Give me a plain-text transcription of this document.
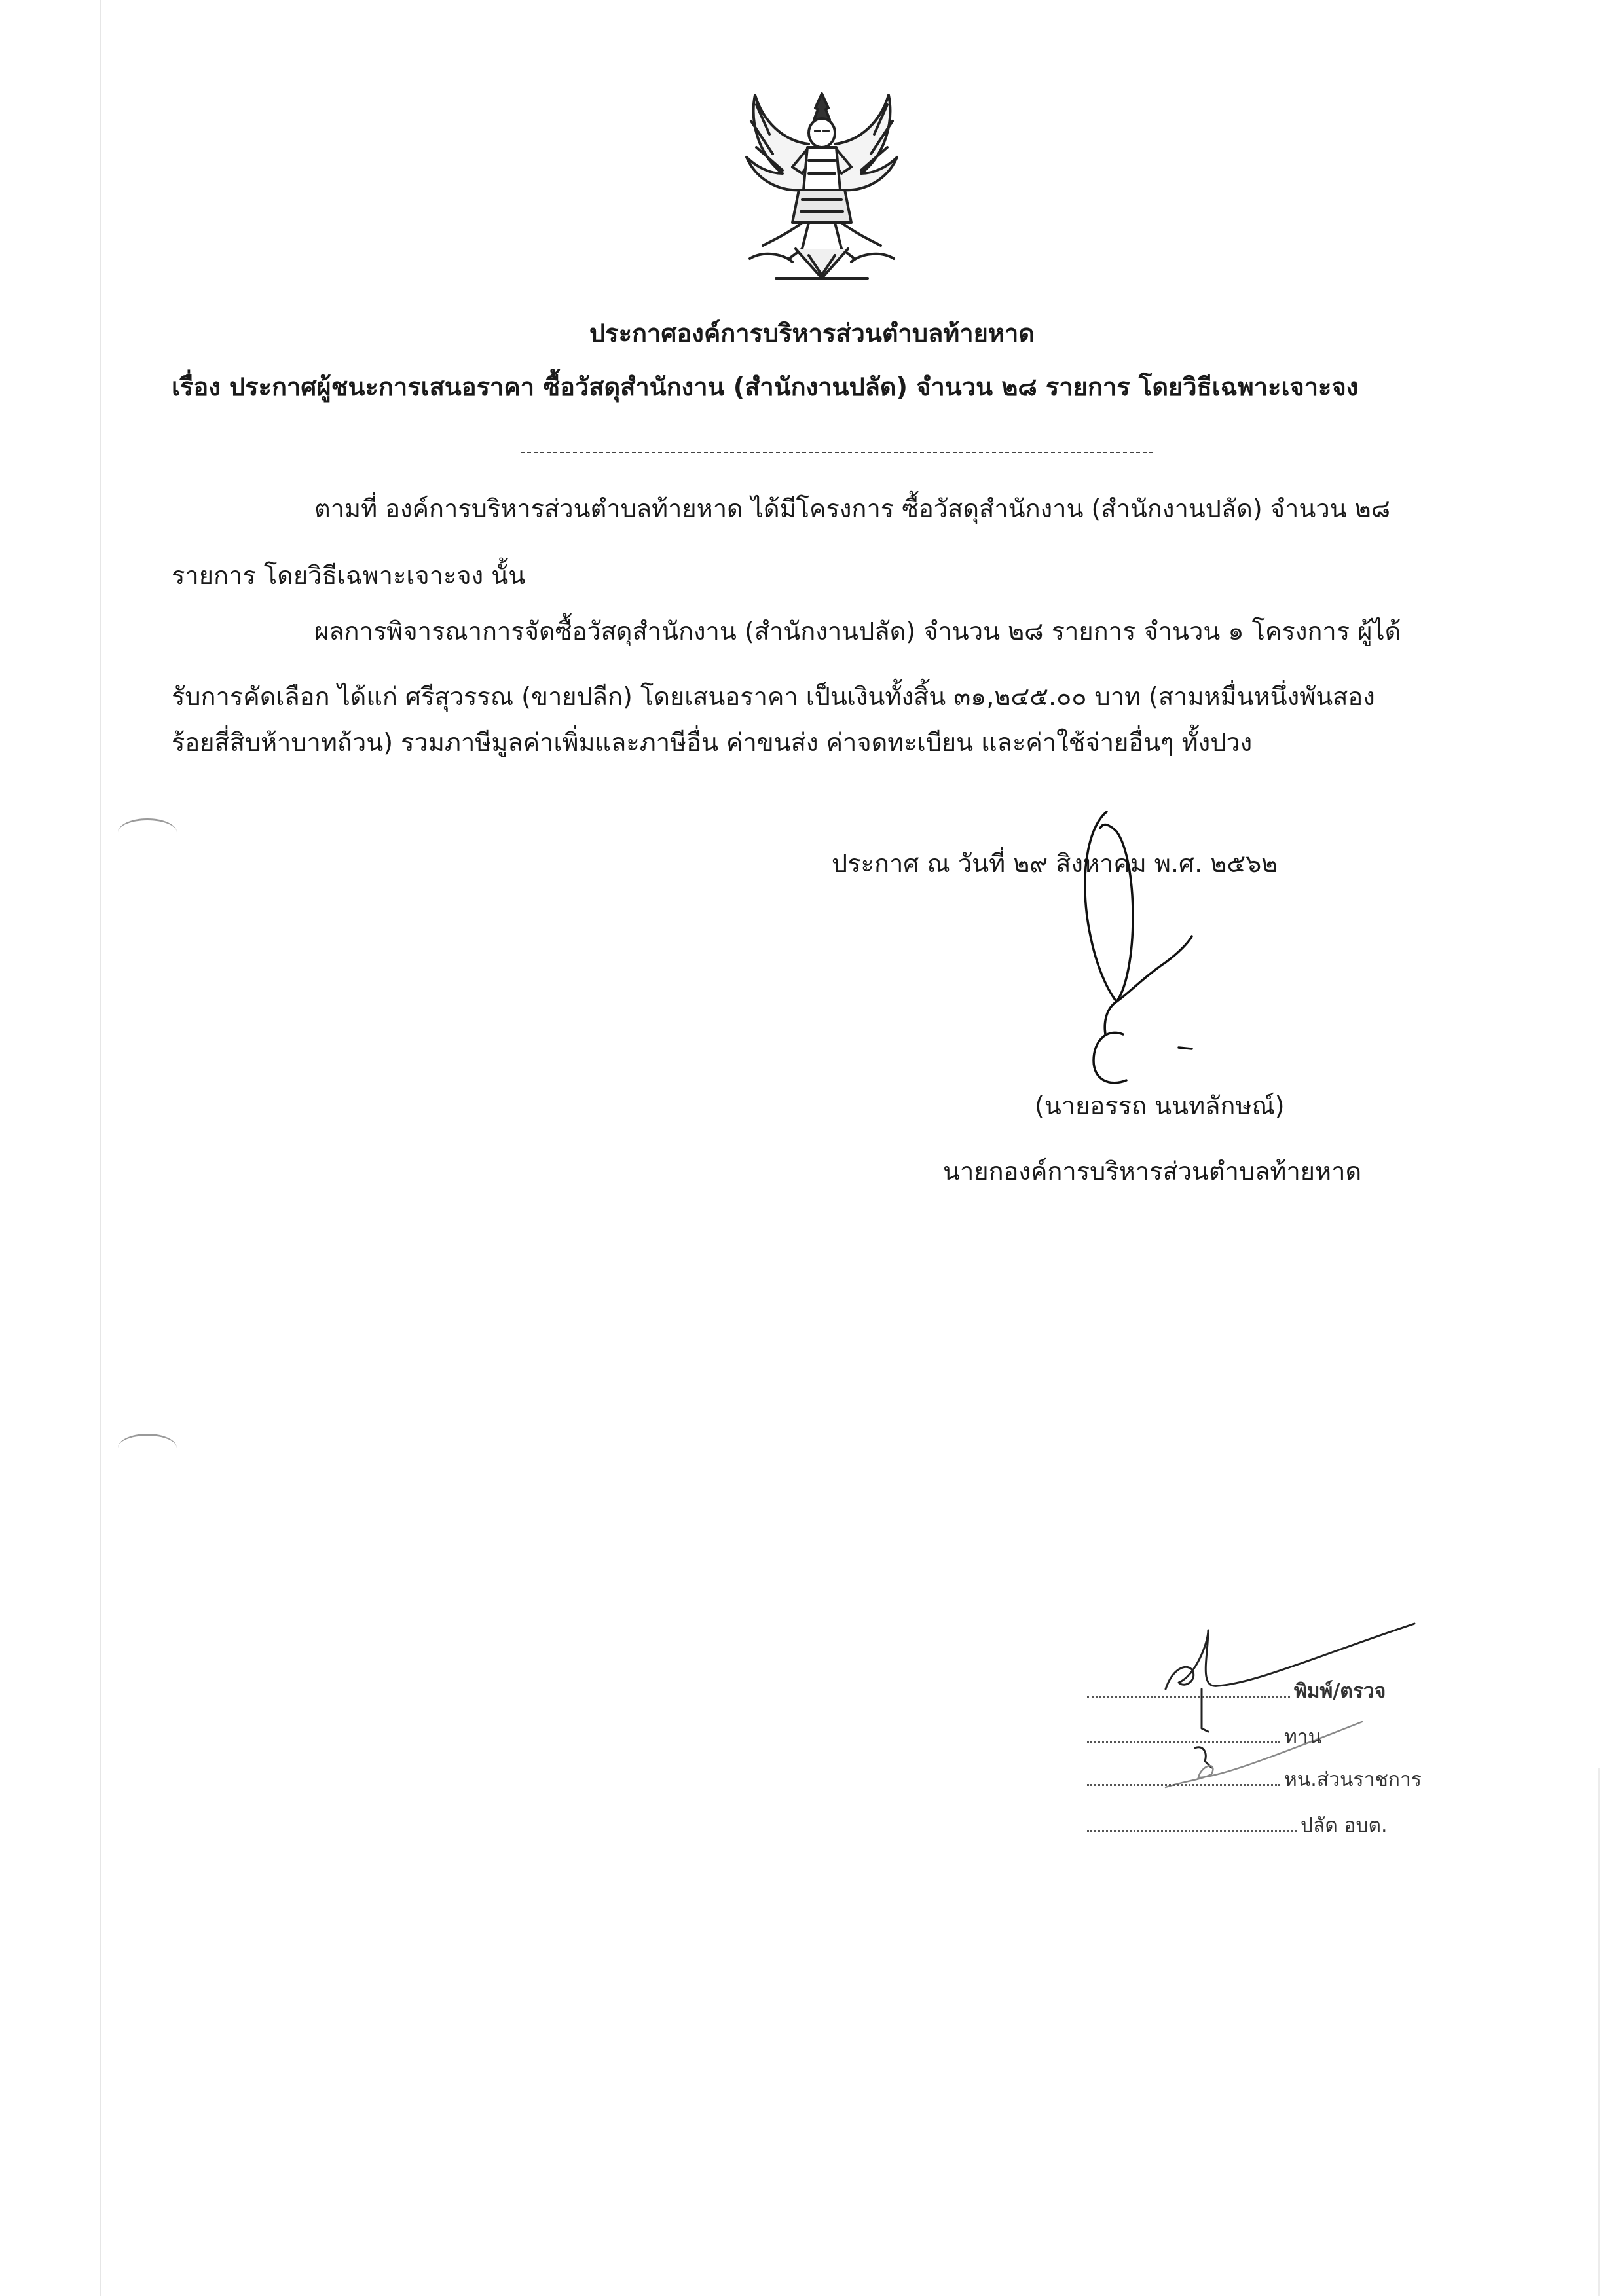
ประกาศองค์การบริหารส่วนตำบลท้ายหาด
เรื่อง ประกาศผู้ชนะการเสนอราคา ซื้อวัสดุสำนักงาน (สำนักงานปลัด) จำนวน ๒๘ รายการ โดยวิธีเฉพาะเจาะจง
ตามที่ องค์การบริหารส่วนตำบลท้ายหาด ได้มีโครงการ ซื้อวัสดุสำนักงาน (สำนักงานปลัด) จำนวน ๒๘
รายการ โดยวิธีเฉพาะเจาะจง นั้น
ผลการพิจารณาการจัดซื้อวัสดุสำนักงาน (สำนักงานปลัด) จำนวน ๒๘ รายการ จำนวน ๑ โครงการ ผู้ได้
รับการคัดเลือก ได้แก่ ศรีสุวรรณ (ขายปลีก) โดยเสนอราคา เป็นเงินทั้งสิ้น ๓๑,๒๔๕.๐๐ บาท (สามหมื่นหนึ่งพันสอง
ร้อยสี่สิบห้าบาทถ้วน) รวมภาษีมูลค่าเพิ่มและภาษีอื่น ค่าขนส่ง ค่าจดทะเบียน และค่าใช้จ่ายอื่นๆ ทั้งปวง
ประกาศ ณ วันที่ ๒๙ สิงหาคม พ.ศ. ๒๕๖๒
(นายอรรถ นนทลักษณ์)
นายกองค์การบริหารส่วนตำบลท้ายหาด
พิมพ์/ตรวจ
ทาน
หน.ส่วนราชการ
ปลัด อบต.
